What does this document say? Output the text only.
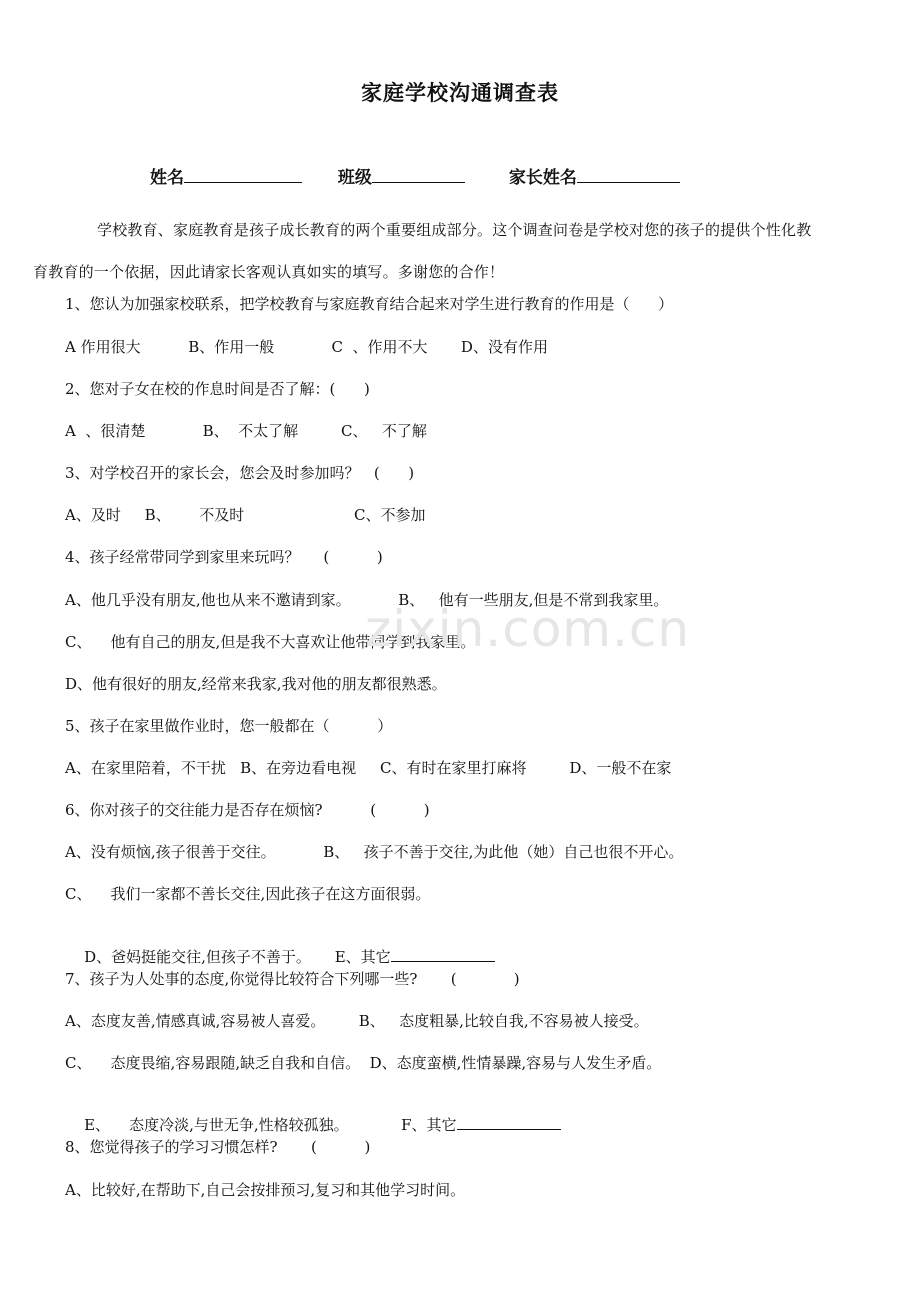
家庭学校沟通调查表
姓名	班级	家长姓名
学校教育、家庭教育是孩子成长教育的两个重要组成部分。这个调查问卷是学校对您的孩子的提供个性化教
育教育的一个依据，因此请家长客观认真如实的填写。多谢您的合作！
1、您认为加强家校联系，把学校教育与家庭教育结合起来对学生进行教育的作用是（      ）
A 作用很大          B、作用一般            C  、作用不大       D、没有作用
2、您对子女在校的作息时间是否了解：(      )
A  、很清楚            B、  不太了解         C、   不了解
3、对学校召开的家长会，您会及时参加吗？   (      )
A、及时     B、      不及时                       C、不参加
4、孩子经常带同学到家里来玩吗？     (          )
A、他几乎没有朋友,他也从来不邀请到家。          B、   他有一些朋友,但是不常到我家里。
C、    他有自己的朋友,但是我不大喜欢让他带同学到我家里。
D、他有很好的朋友,经常来我家,我对他的朋友都很熟悉。
5、孩子在家里做作业时，您一般都在（          ）
A、在家里陪着，不干扰   B、在旁边看电视     C、有时在家里打麻将         D、一般不在家
6、你对孩子的交往能力是否存在烦恼?          (          )
A、没有烦恼,孩子很善于交往。          B、   孩子不善于交往,为此他（她）自己也很不开心。
C、    我们一家都不善长交往,因此孩子在这方面很弱。

D、爸妈挺能交往,但孩子不善于。     E、其它

7、孩子为人处事的态度,你觉得比较符合下列哪一些?       (            )
A、态度友善,情感真诚,容易被人喜爱。       B、   态度粗暴,比较自我,不容易被人接受。
C、    态度畏缩,容易跟随,缺乏自我和自信。  D、态度蛮横,性情暴躁,容易与人发生矛盾。

E、    态度冷淡,与世无争,性格较孤独。           F、其它

8、您觉得孩子的学习习惯怎样?       (          )
A、比较好,在帮助下,自己会按排预习,复习和其他学习时间。
zixin.com.cn
